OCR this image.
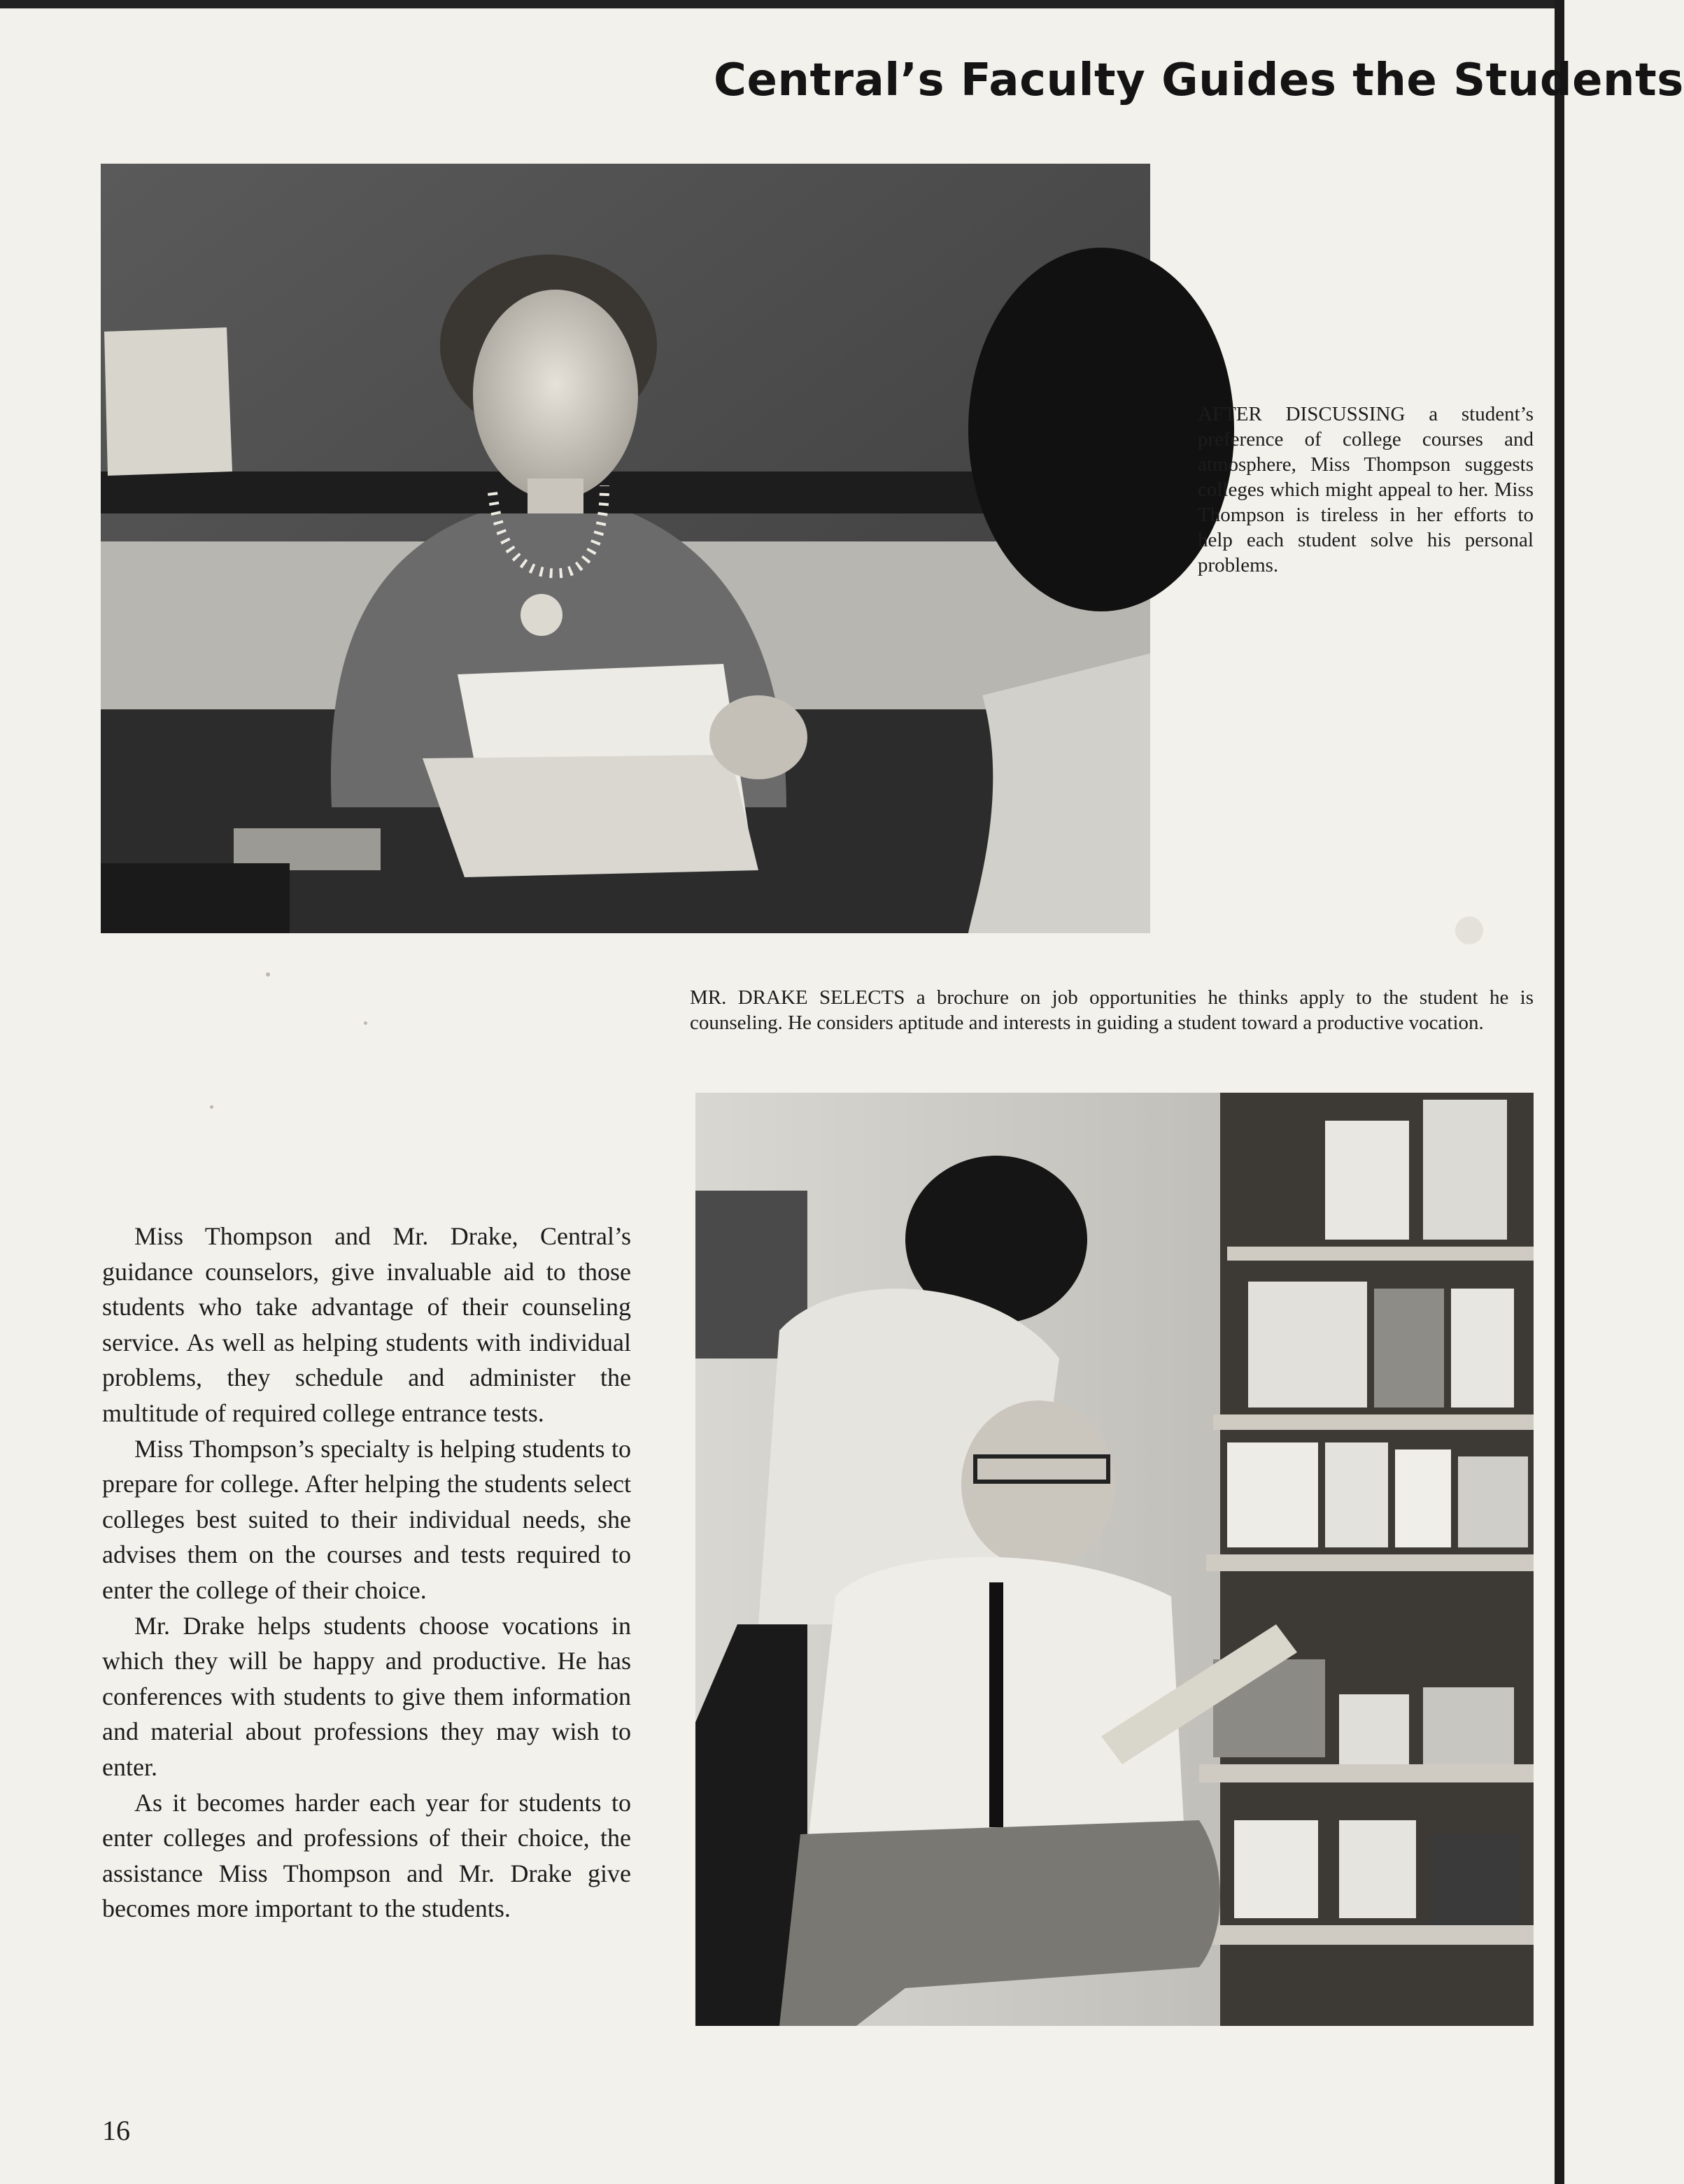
Central’s Faculty Guides the Students
AFTER DISCUSSING a student’s preference of college courses and atmosphere, Miss Thompson suggests colleges which might appeal to her. Miss Thompson is tireless in her efforts to help each student solve his personal problems.
MR. DRAKE SELECTS a brochure on job opportunities he thinks apply to the student he is counseling. He considers aptitude and interests in guiding a student toward a productive vocation.

Miss Thompson and Mr. Drake, Central’s guidance counselors, give invaluable aid to those students who take advantage of their counseling service. As well as helping students with individual problems, they schedule and administer the multitude of required college entrance tests.

Miss Thompson’s specialty is helping students to prepare for college. After helping the students select colleges best suited to their individual needs, she advises them on the courses and tests required to enter the college of their choice.

Mr. Drake helps students choose vocations in which they will be happy and productive. He has conferences with students to give them information and material about professions they may wish to enter.

As it becomes harder each year for students to enter colleges and professions of their choice, the assistance Miss Thompson and Mr. Drake give becomes more important to the students.

16
